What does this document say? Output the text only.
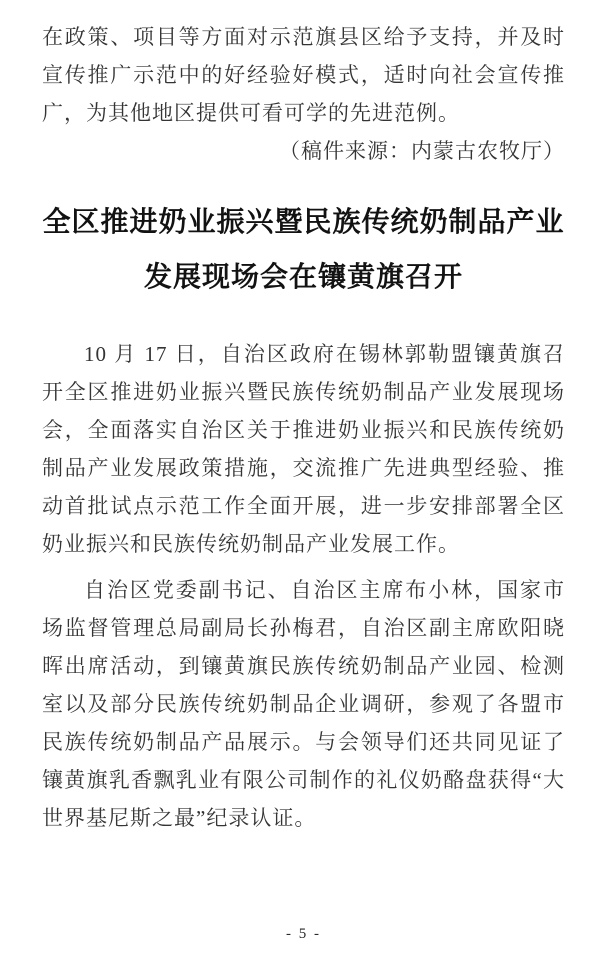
在政策、项目等方面对示范旗县区给予支持，并及时宣传推广示范中的好经验好模式，适时向社会宣传推广，为其他地区提供可看可学的先进范例。

（稿件来源：内蒙古农牧厅）

全区推进奶业振兴暨民族传统奶制品产业
发展现场会在镶黄旗召开

10 月 17 日，自治区政府在锡林郭勒盟镶黄旗召开全区推进奶业振兴暨民族传统奶制品产业发展现场会，全面落实自治区关于推进奶业振兴和民族传统奶制品产业发展政策措施，交流推广先进典型经验、推动首批试点示范工作全面开展，进一步安排部署全区奶业振兴和民族传统奶制品产业发展工作。

自治区党委副书记、自治区主席布小林，国家市场监督管理总局副局长孙梅君，自治区副主席欧阳晓晖出席活动，到镶黄旗民族传统奶制品产业园、检测室以及部分民族传统奶制品企业调研，参观了各盟市民族传统奶制品产品展示。与会领导们还共同见证了镶黄旗乳香飘乳业有限公司制作的礼仪奶酪盘获得“大世界基尼斯之最”纪录认证。

- 5 -
